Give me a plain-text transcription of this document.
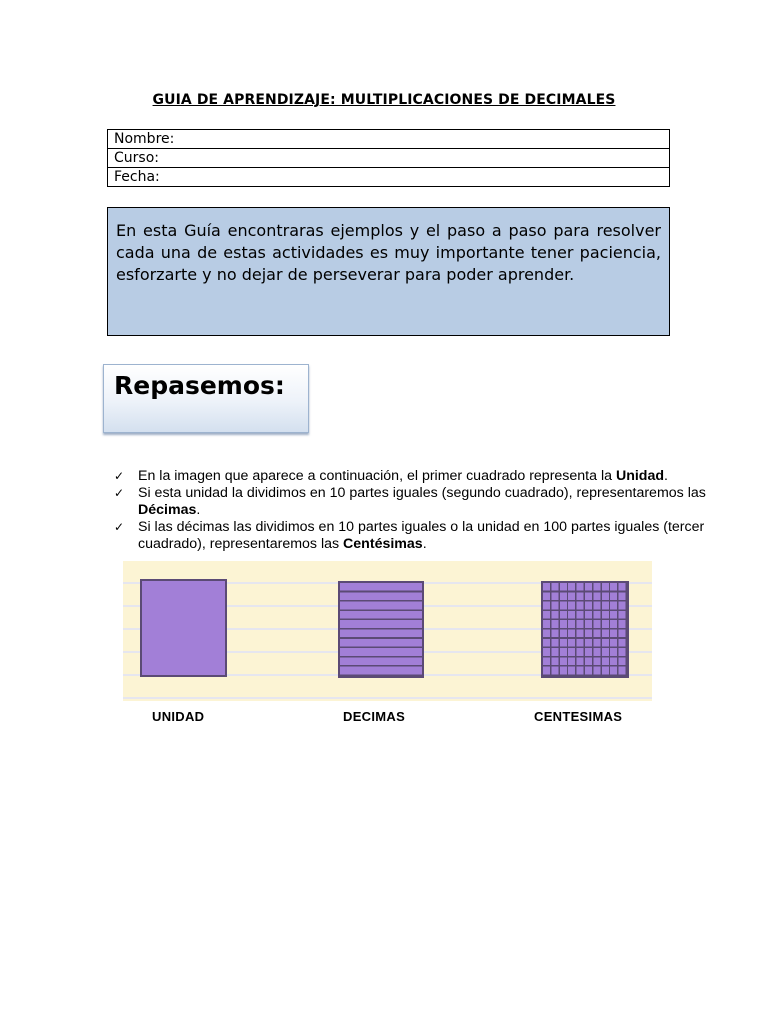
GUIA DE APRENDIZAJE: MULTIPLICACIONES DE DECIMALES
Nombre:
Curso:
Fecha:
En esta Guía encontraras ejemplos y el paso a paso para resolver cada una de estas actividades es muy importante tener paciencia, esforzarte y no dejar de perseverar para poder aprender.
Repasemos:
✓ En la imagen que aparece a continuación, el primer cuadrado representa la Unidad.
✓ Si esta unidad la dividimos en 10 partes iguales (segundo cuadrado), representaremos las Décimas.
✓ Si las décimas las dividimos en 10 partes iguales o la unidad en 100 partes iguales (tercer cuadrado), representaremos las Centésimas.
UNIDAD	DECIMAS	CENTESIMAS
